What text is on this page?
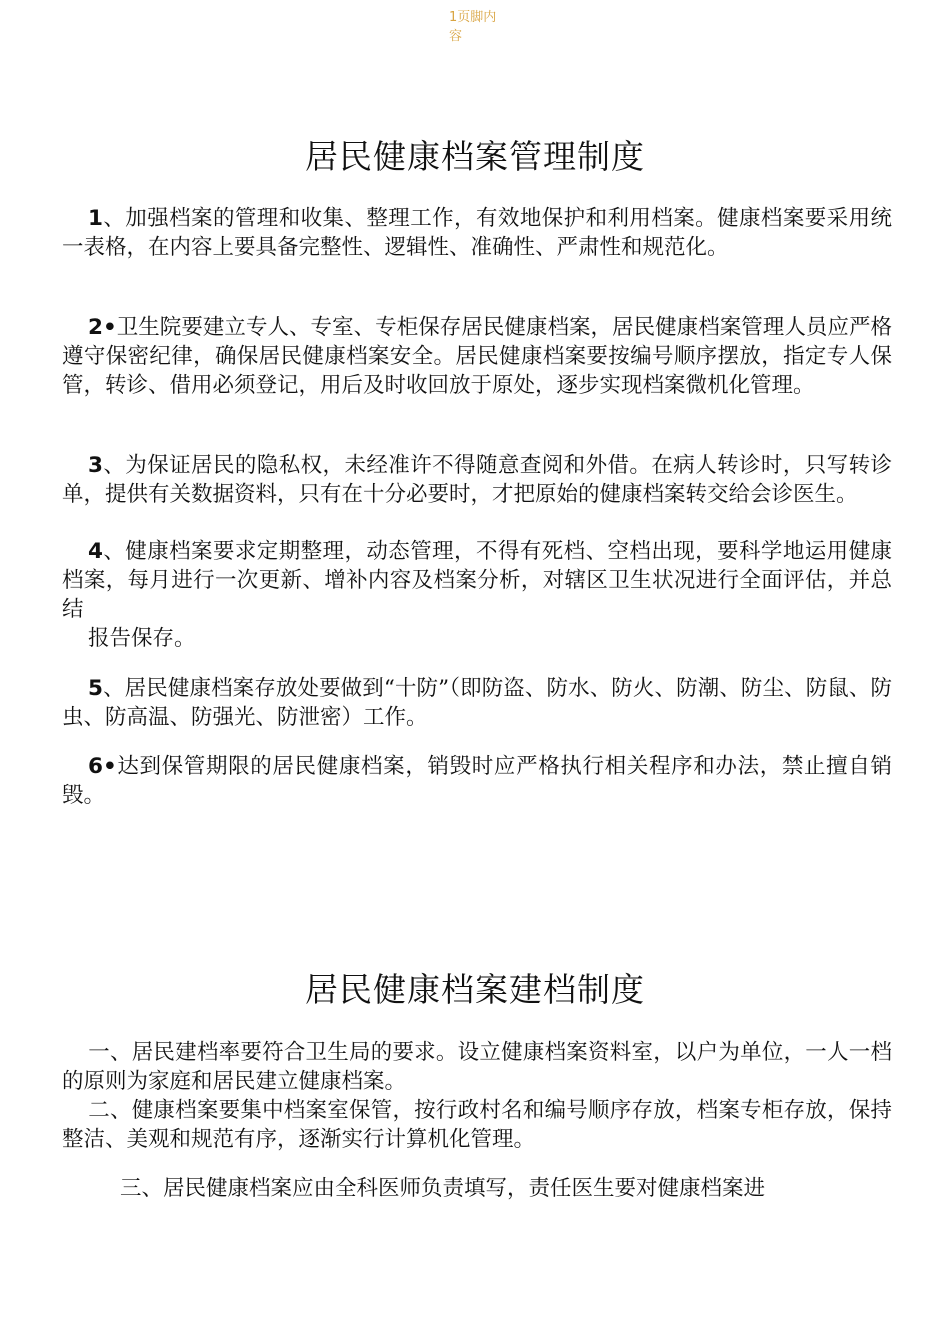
1页脚内
容
居民健康档案管理制度

1、加强档案的管理和收集、整理工作，有效地保护和利用档案。健康档案要采用统一表格，在内容上要具备完整性、逻辑性、准确性、严肃性和规范化。

2•卫生院要建立专人、专室、专柜保存居民健康档案，居民健康档案管理人员应严格遵守保密纪律，确保居民健康档案安全。居民健康档案要按编号顺序摆放，指定专人保管，转诊、借用必须登记，用后及时收回放于原处，逐步实现档案微机化管理。

3、为保证居民的隐私权，未经准许不得随意查阅和外借。在病人转诊时，只写转诊单，提供有关数据资料，只有在十分必要时，才把原始的健康档案转交给会诊医生。

4、健康档案要求定期整理，动态管理，不得有死档、空档出现，要科学地运用健康档案，每月进行一次更新、增补内容及档案分析，对辖区卫生状况进行全面评估，并总结
报告保存。

5、居民健康档案存放处要做到“十防”（即防盗、防水、防火、防潮、防尘、防鼠、防虫、防高温、防强光、防泄密）工作。

6•达到保管期限的居民健康档案，销毁时应严格执行相关程序和办法，禁止擅自销毁。

居民健康档案建档制度

一、居民建档率要符合卫生局的要求。设立健康档案资料室，以户为单位，一人一档的原则为家庭和居民建立健康档案。

二、健康档案要集中档案室保管，按行政村名和编号顺序存放，档案专柜存放，保持整洁、美观和规范有序，逐渐实行计算机化管理。

三、居民健康档案应由全科医师负责填写，责任医生要对健康档案进
